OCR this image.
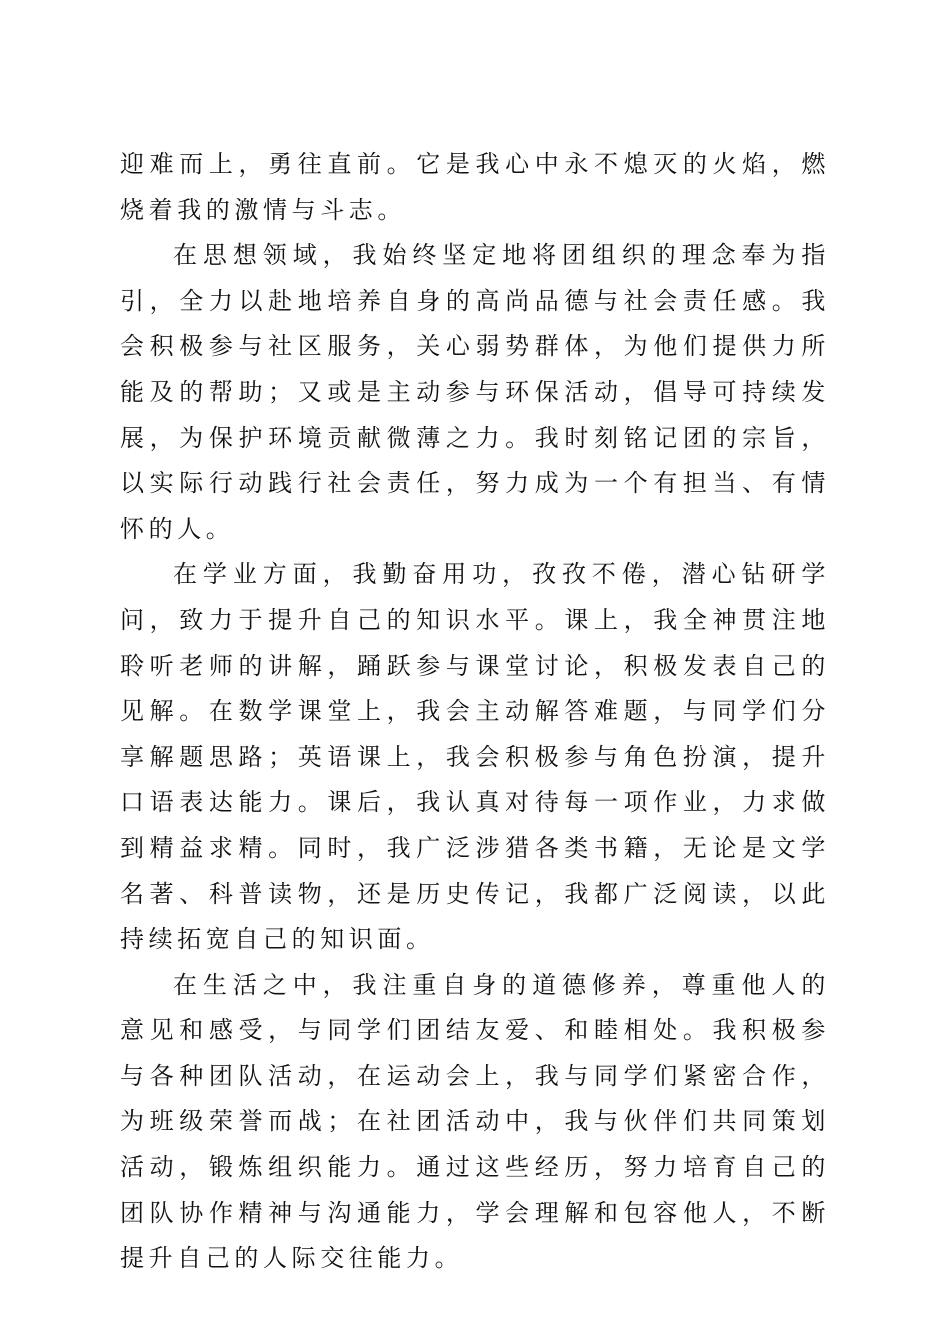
迎难而上，勇往直前。它是我心中永不熄灭的火焰，燃烧着我的激情与斗志。

在思想领域，我始终坚定地将团组织的理念奉为指引，全力以赴地培养自身的高尚品德与社会责任感。我会积极参与社区服务，关心弱势群体，为他们提供力所能及的帮助；又或是主动参与环保活动，倡导可持续发展，为保护环境贡献微薄之力。我时刻铭记团的宗旨，以实际行动践行社会责任，努力成为一个有担当、有情怀的人。

在学业方面，我勤奋用功，孜孜不倦，潜心钻研学问，致力于提升自己的知识水平。课上，我全神贯注地聆听老师的讲解，踊跃参与课堂讨论，积极发表自己的见解。在数学课堂上，我会主动解答难题，与同学们分享解题思路；英语课上，我会积极参与角色扮演，提升口语表达能力。课后，我认真对待每一项作业，力求做到精益求精。同时，我广泛涉猎各类书籍，无论是文学名著、科普读物，还是历史传记，我都广泛阅读，以此持续拓宽自己的知识面。

在生活之中，我注重自身的道德修养，尊重他人的意见和感受，与同学们团结友爱、和睦相处。我积极参与各种团队活动，在运动会上，我与同学们紧密合作，为班级荣誉而战；在社团活动中，我与伙伴们共同策划活动，锻炼组织能力。通过这些经历，努力培育自己的团队协作精神与沟通能力，学会理解和包容他人，不断提升自己的人际交往能力。
